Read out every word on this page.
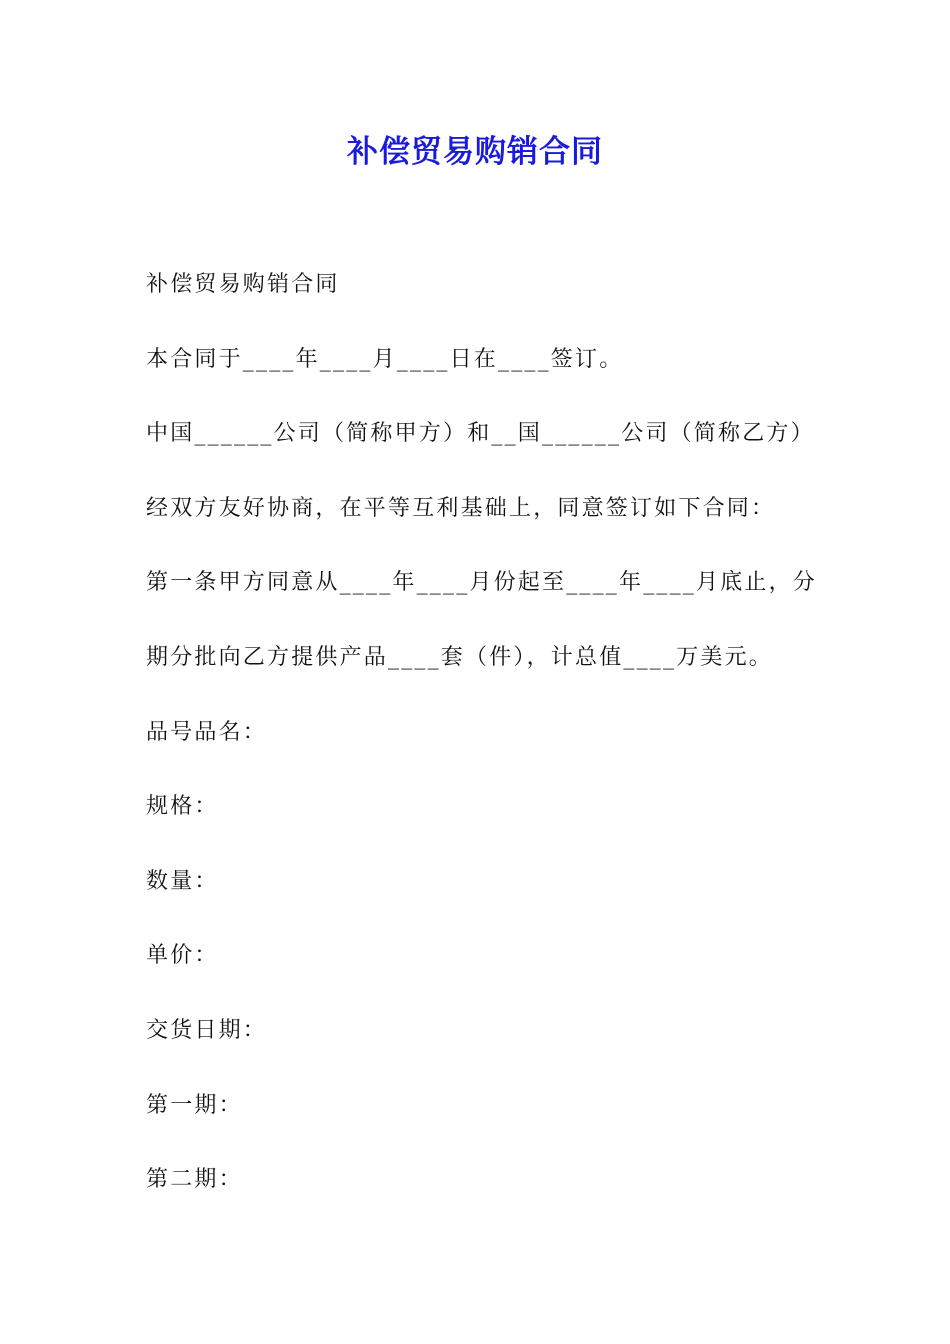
补偿贸易购销合同
补偿贸易购销合同
本合同于____年____月____日在____签订。
中国______公司（简称甲方）和__国______公司（简称乙方）
经双方友好协商，在平等互利基础上，同意签订如下合同：
第一条甲方同意从____年____月份起至____年____月底止，分
期分批向乙方提供产品____套（件），计总值____万美元。
品号品名：
规格：
数量：
单价：
交货日期：
第一期：
第二期：
